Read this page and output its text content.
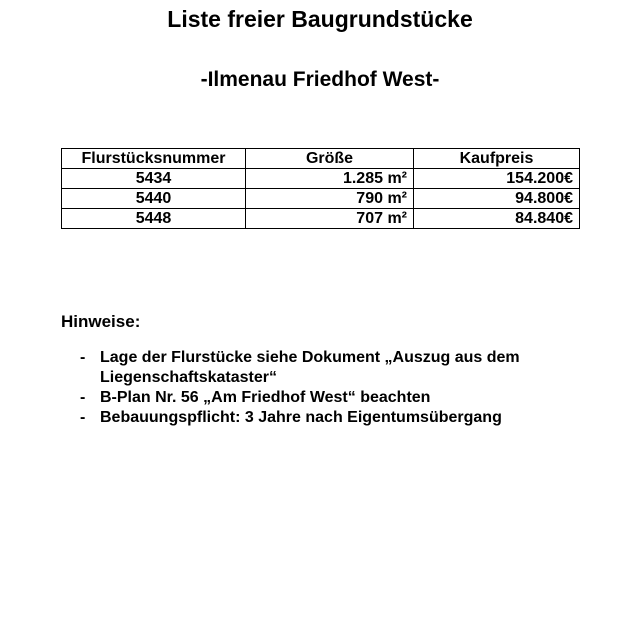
Liste freier Baugrundstücke
-Ilmenau Friedhof West-
Flurstücksnummer	Größe	Kaufpreis
5434	1.285 m²	154.200€
5440	790 m²	94.800€
5448	707 m²	84.840€
Hinweise:
- Lage der Flurstücke siehe Dokument „Auszug aus dem Liegenschaftskataster“
- B-Plan Nr. 56 „Am Friedhof West“ beachten
- Bebauungspflicht: 3 Jahre nach Eigentumsübergang
